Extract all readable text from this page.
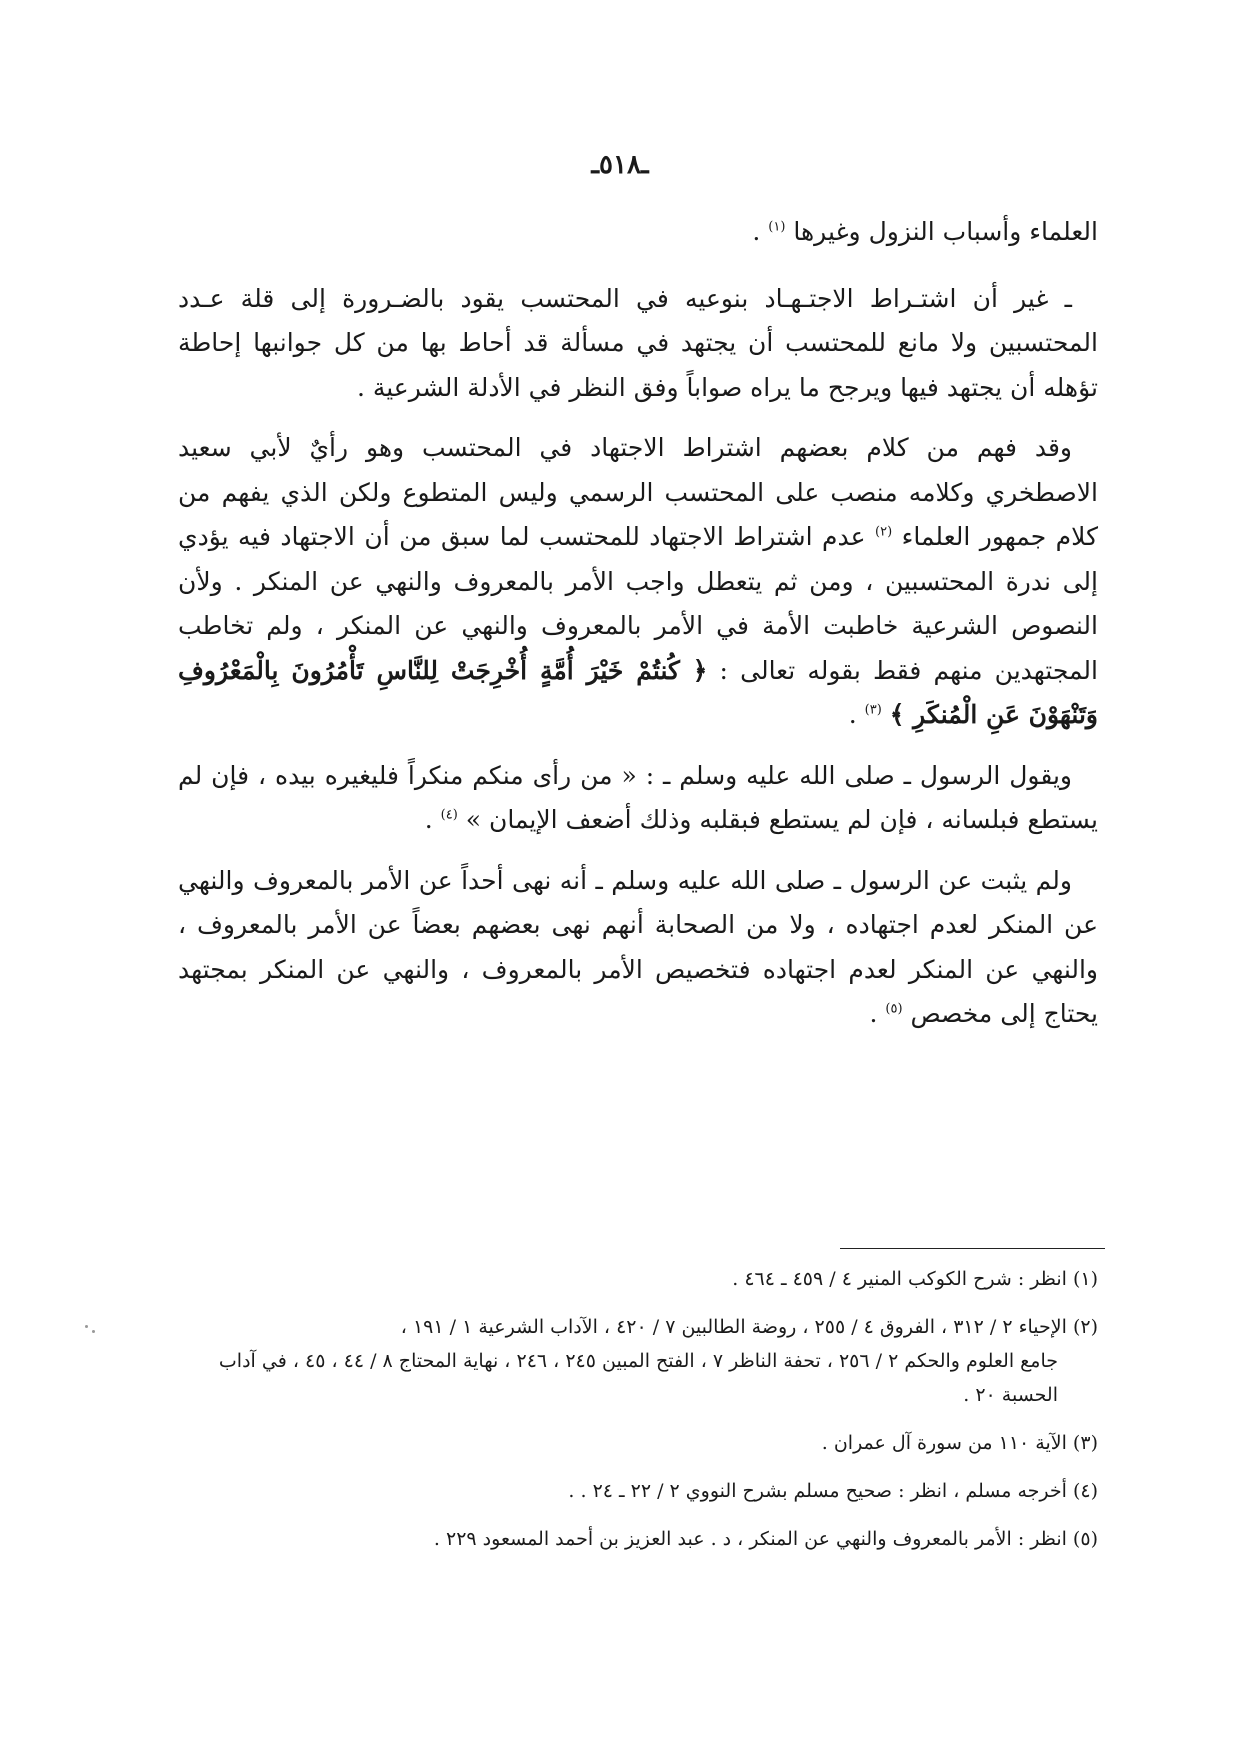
ـ٥١٨ـ

العلماء وأسباب النزول وغيرها $^{(١)}$ .

ـ غير أن اشتـراط الاجتـهـاد بنوعيه في المحتسب يقود بالضـرورة إلى قلة عـدد المحتسبين ولا مانع للمحتسب أن يجتهد في مسألة قد أحاط بها من كل جوانبها إحاطة تؤهله أن يجتهد فيها ويرجح ما يراه صواباً وفق النظر في الأدلة الشرعية .

وقد فهم من كلام بعضهم اشتراط الاجتهاد في المحتسب وهو رأيٌ لأبي سعيد الاصطخري وكلامه منصب على المحتسب الرسمي وليس المتطوع ولكن الذي يفهم من كلام جمهور العلماء $^{(٢)}$ عدم اشتراط الاجتهاد للمحتسب لما سبق من أن الاجتهاد فيه يؤدي إلى ندرة المحتسبين ، ومن ثم يتعطل واجب الأمر بالمعروف والنهي عن المنكر . ولأن النصوص الشرعية خاطبت الأمة في الأمر بالمعروف والنهي عن المنكر ، ولم تخاطب المجتهدين منهم فقط بقوله تعالى : ﴿ كُنتُمْ خَيْرَ أُمَّةٍ أُخْرِجَتْ لِلنَّاسِ تَأْمُرُونَ بِالْمَعْرُوفِ وَتَنْهَوْنَ عَنِ الْمُنكَرِ ﴾ $^{(٣)}$ .

ويقول الرسول ـ صلى الله عليه وسلم ـ : « من رأى منكم منكراً فليغيره بيده ، فإن لم يستطع فبلسانه ، فإن لم يستطع فبقلبه وذلك أضعف الإيمان » $^{(٤)}$ .

ولم يثبت عن الرسول ـ صلى الله عليه وسلم ـ أنه نهى أحداً عن الأمر بالمعروف والنهي عن المنكر لعدم اجتهاده ، ولا من الصحابة أنهم نهى بعضهم بعضاً عن الأمر بالمعروف ، والنهي عن المنكر لعدم اجتهاده فتخصيص الأمر بالمعروف ، والنهي عن المنكر بمجتهد يحتاج إلى مخصص $^{(٥)}$ .

(١) انظر : شرح الكوكب المنير ٤ / ٤٥٩ ـ ٤٦٤ .

(٢) الإحياء ٢ / ٣١٢ ، الفروق ٤ / ٢٥٥ ، روضة الطالبين ٧ / ٤٢٠ ، الآداب الشرعية ١ / ١٩١ ،
جامع العلوم والحكم ٢ / ٢٥٦ ، تحفة الناظر ٧ ، الفتح المبين ٢٤٥ ، ٢٤٦ ، نهاية المحتاج ٨ / ٤٤ ، ٤٥ ، في آداب الحسبة ٢٠ .

(٣) الآية ١١٠ من سورة آل عمران .

(٤) أخرجه مسلم ، انظر : صحيح مسلم بشرح النووي ٢ / ٢٢ ـ ٢٤ . .

(٥) انظر : الأمر بالمعروف والنهي عن المنكر ، د . عبد العزيز بن أحمد المسعود ٢٢٩ .
